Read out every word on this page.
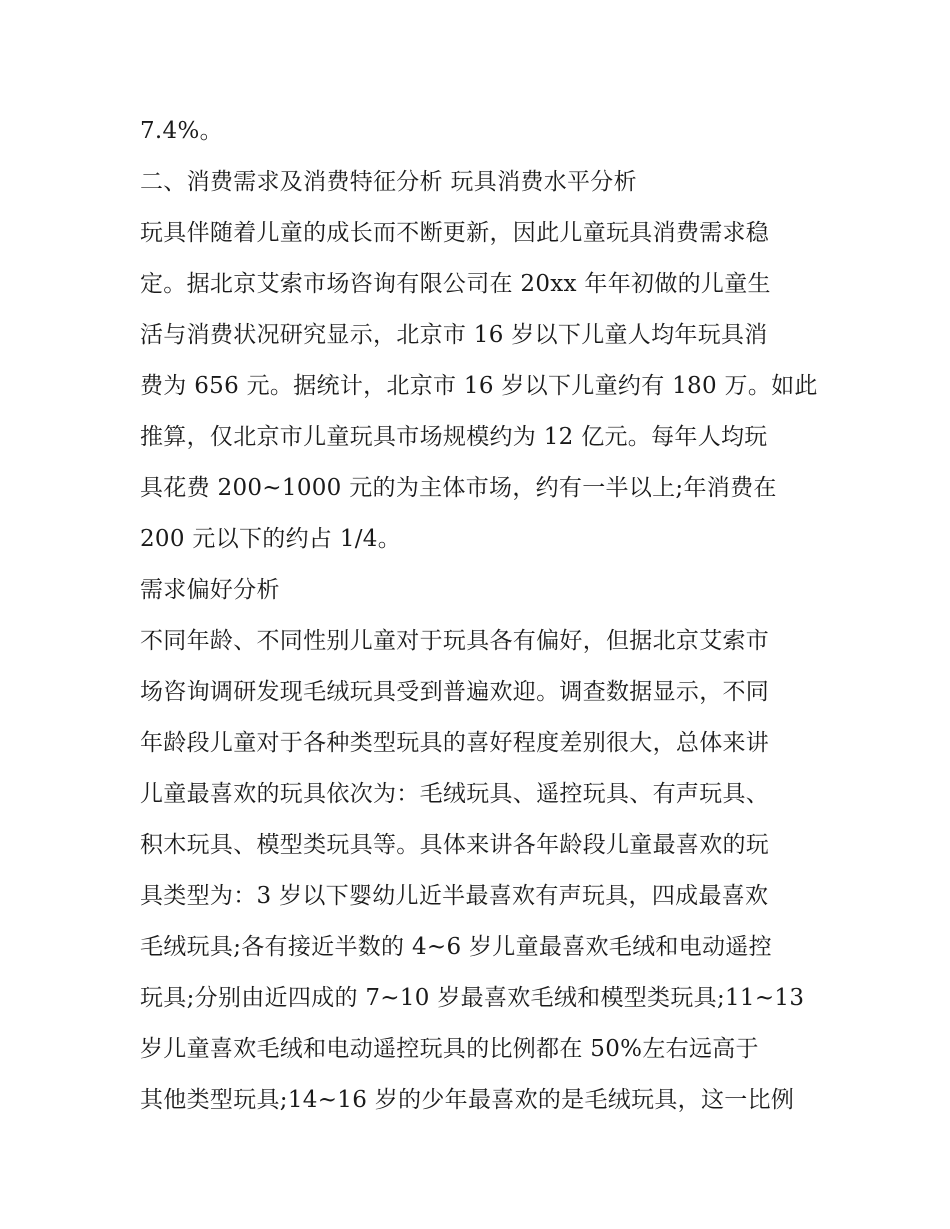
7.4%。
二、消费需求及消费特征分析 玩具消费水平分析
玩具伴随着儿童的成长而不断更新，因此儿童玩具消费需求稳
定。据北京艾索市场咨询有限公司在 20xx 年年初做的儿童生
活与消费状况研究显示，北京市 16 岁以下儿童人均年玩具消
费为 656 元。据统计，北京市 16 岁以下儿童约有 180 万。如此
推算，仅北京市儿童玩具市场规模约为 12 亿元。每年人均玩
具花费 200~1000 元的为主体市场，约有一半以上;年消费在
200 元以下的约占 1/4。
需求偏好分析
不同年龄、不同性别儿童对于玩具各有偏好，但据北京艾索市
场咨询调研发现毛绒玩具受到普遍欢迎。调查数据显示，不同
年龄段儿童对于各种类型玩具的喜好程度差别很大，总体来讲
儿童最喜欢的玩具依次为：毛绒玩具、遥控玩具、有声玩具、
积木玩具、模型类玩具等。具体来讲各年龄段儿童最喜欢的玩
具类型为：3 岁以下婴幼儿近半最喜欢有声玩具，四成最喜欢
毛绒玩具;各有接近半数的 4~6 岁儿童最喜欢毛绒和电动遥控
玩具;分别由近四成的 7~10 岁最喜欢毛绒和模型类玩具;11~13
岁儿童喜欢毛绒和电动遥控玩具的比例都在 50%左右远高于
其他类型玩具;14~16 岁的少年最喜欢的是毛绒玩具，这一比例
